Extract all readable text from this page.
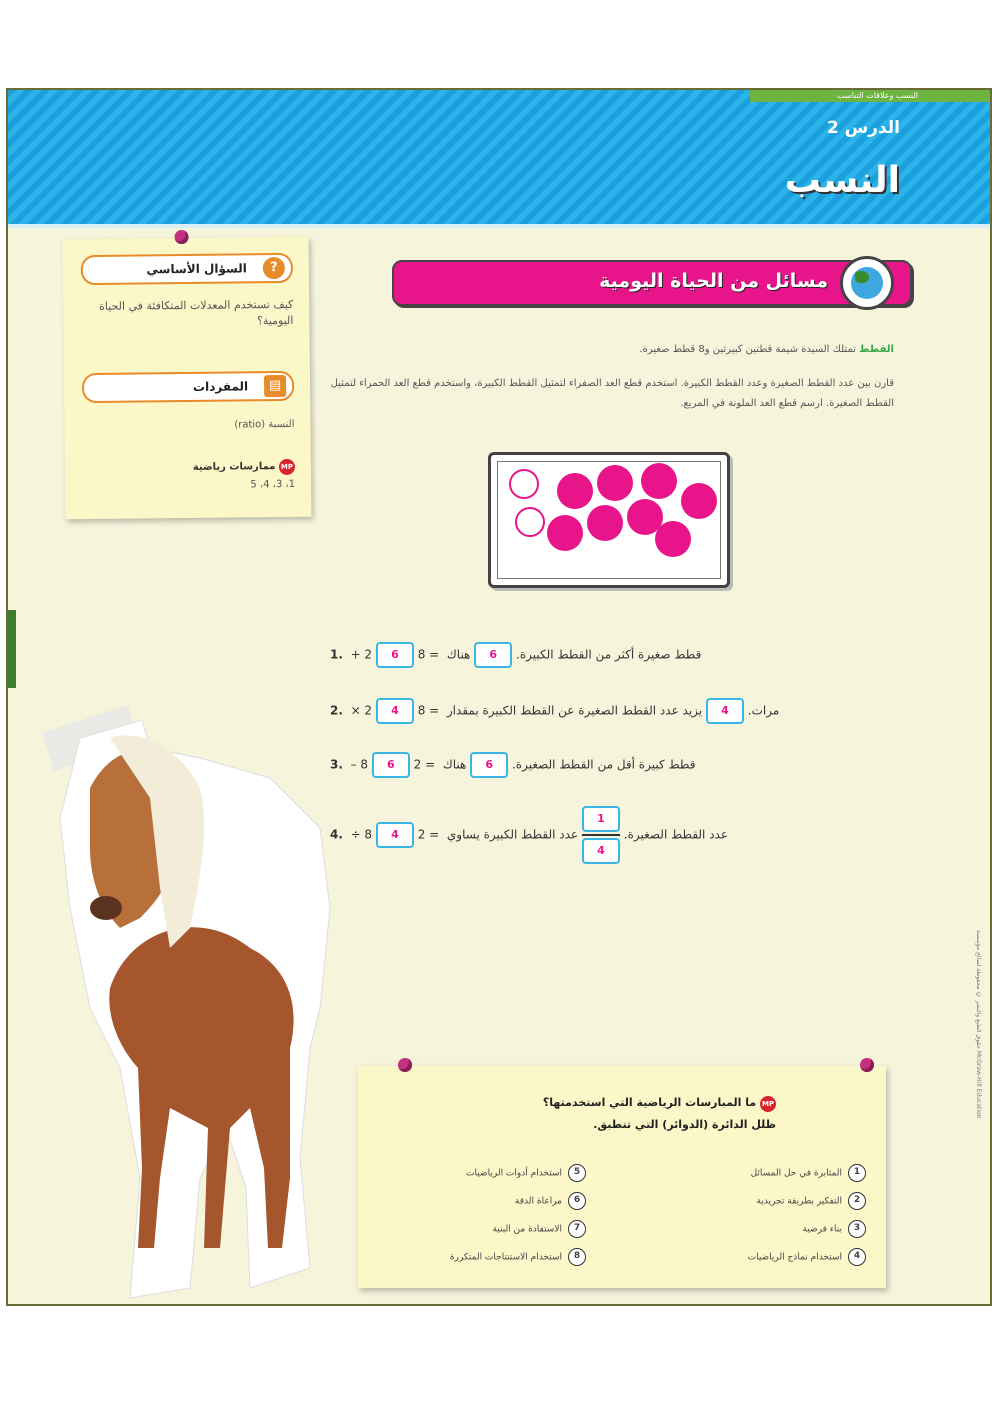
النسب وعلاقات التناسب
الدرس 2
النسب
?
السؤال الأساسي
كيف تستخدم المعدلات المتكافئة في الحياة اليومية؟
▤
المفردات
النسبة (ratio)
MP ممارسات رياضية
1، 3، 4، 5
مسائل من الحياة اليومية
القطط تمتلك السيدة شيمة قطتين كبيرتين و8 قطط صغيرة.
قارن بين عدد القطط الصغيرة وعدد القطط الكبيرة. استخدم قطع العد الصفراء لتمثيل القطط الكبيرة، واستخدم قطع العد الحمراء لتمثيل القطط الصغيرة. ارسم قطع العد الملونة في المربع.
1. + 2 6 8 =	قطط صغيرة أكثر من القطط الكبيرة. 6 هناك
2. × 2 4 8 =	مرات. 4 يزيد عدد القطط الصغيرة عن القطط الكبيرة بمقدار
3. – 8 6 2 =	قطط كبيرة أقل من القطط الصغيرة. 6 هناك
4. ÷ 8 4 2 =	عدد القطط الصغيرة.
$\frac{1}{4}$
عدد القطط الكبيرة يساوي
MP ما المبارسات الرياضية التي استخدمتها؟
ظلل الدائرة (الدوائر) التي تنطبق.
1المثابرة في حل المسائل
2التفكير بطريقة تجريدية
3بناء فرضية
4استخدام نماذج الرياضيات
5استخدام أدوات الرياضيات
6مراعاة الدقة
7الاستفادة من البنية
8استخدام الاستنتاجات المتكررة
حقوق الطبع والنشر © محفوظة لصالح مؤسسة McGraw-Hill Education
